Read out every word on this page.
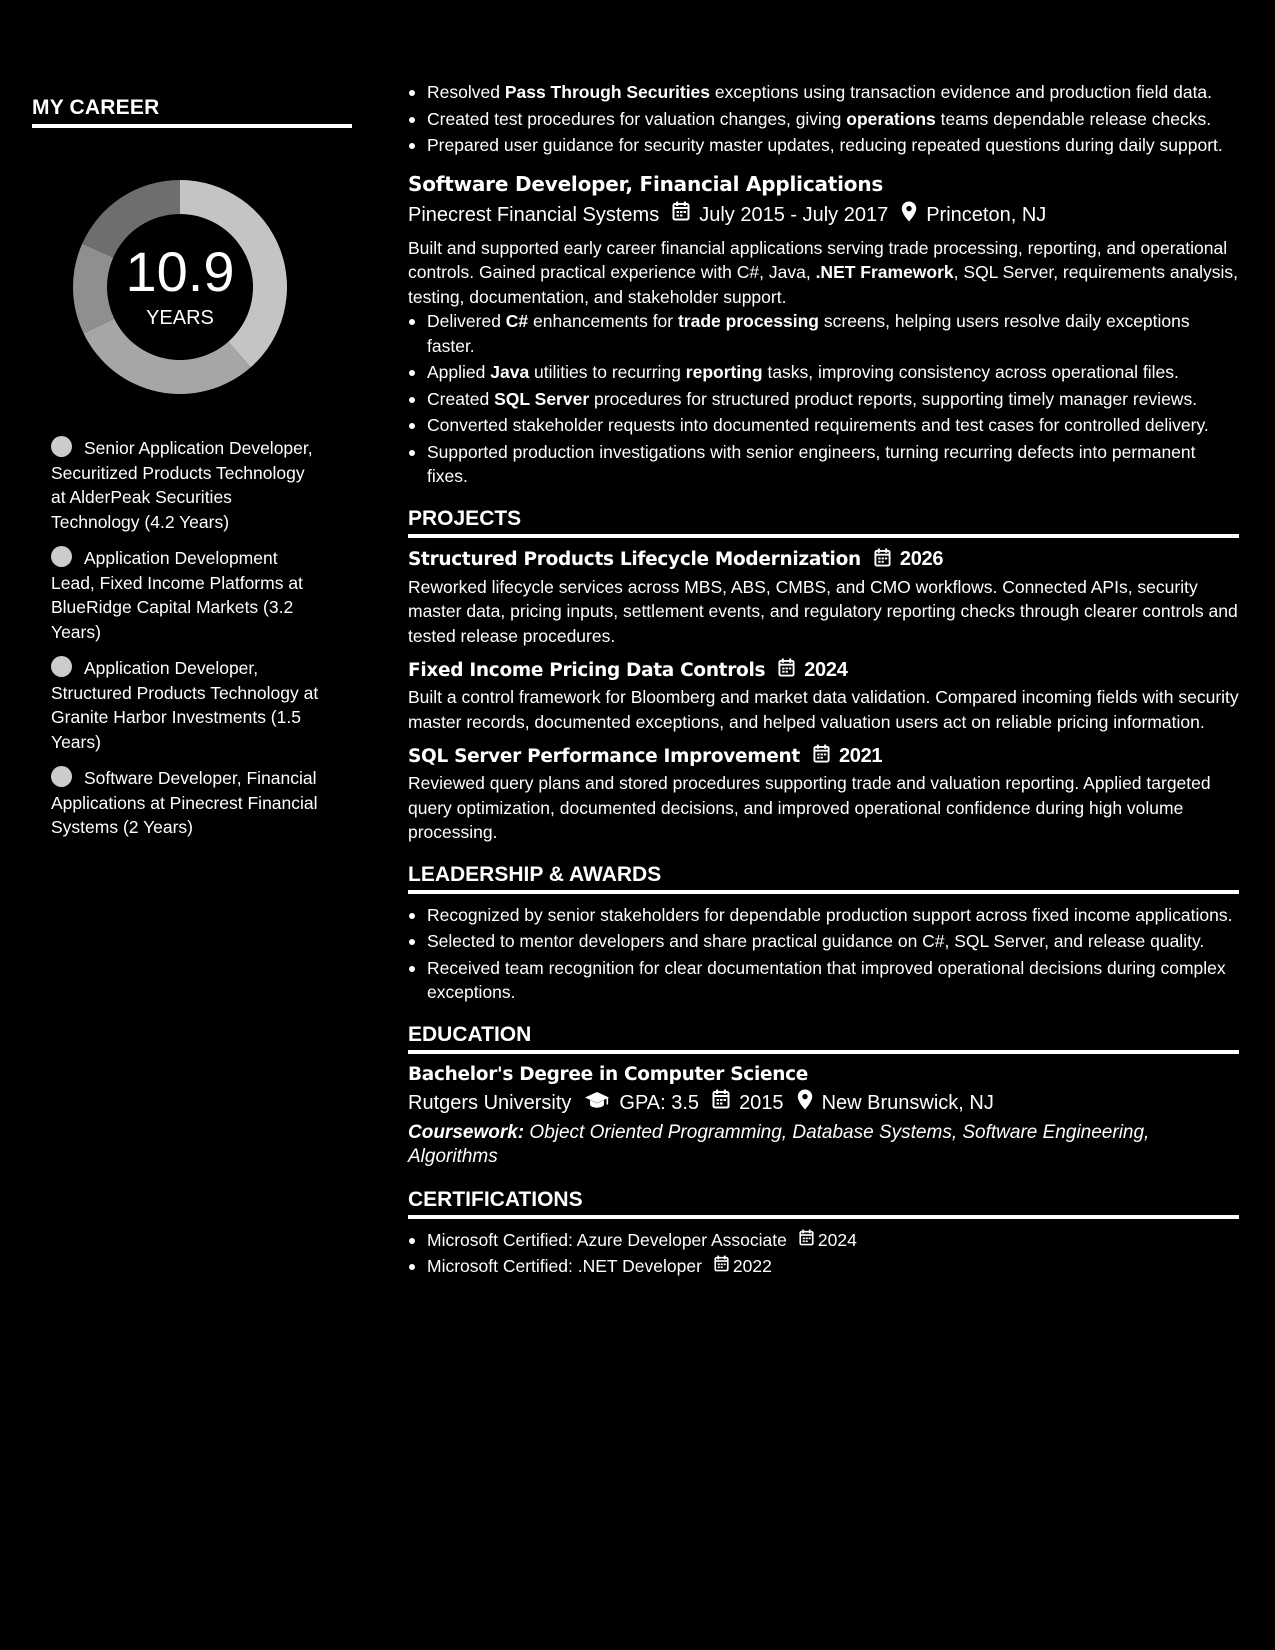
MY CAREER
10.9
YEARS
Senior Application Developer, Securitized Products Technology at AlderPeak Securities Technology (4.2 Years)
Application Development Lead, Fixed Income Platforms at BlueRidge Capital Markets (3.2 Years)
Application Developer, Structured Products Technology at Granite Harbor Investments (1.5 Years)
Software Developer, Financial Applications at Pinecrest Financial Systems (2 Years)
Resolved Pass Through Securities exceptions using transaction evidence and production field data.
Created test procedures for valuation changes, giving operations teams dependable release checks.
Prepared user guidance for security master updates, reducing repeated questions during daily support.
Software Developer, Financial Applications
Pinecrest Financial Systems July 2015 - July 2017 Princeton, NJ
Built and supported early career financial applications serving trade processing, reporting, and operational controls. Gained practical experience with C#, Java, .NET Framework, SQL Server, requirements analysis, testing, documentation, and stakeholder support.
Delivered C# enhancements for trade processing screens, helping users resolve daily exceptions faster.
Applied Java utilities to recurring reporting tasks, improving consistency across operational files.
Created SQL Server procedures for structured product reports, supporting timely manager reviews.
Converted stakeholder requests into documented requirements and test cases for controlled delivery.
Supported production investigations with senior engineers, turning recurring defects into permanent fixes.
PROJECTS
Structured Products Lifecycle Modernization 2026
Reworked lifecycle services across MBS, ABS, CMBS, and CMO workflows. Connected APIs, security master data, pricing inputs, settlement events, and regulatory reporting checks through clearer controls and tested release procedures.
Fixed Income Pricing Data Controls 2024
Built a control framework for Bloomberg and market data validation. Compared incoming fields with security master records, documented exceptions, and helped valuation users act on reliable pricing information.
SQL Server Performance Improvement 2021
Reviewed query plans and stored procedures supporting trade and valuation reporting. Applied targeted query optimization, documented decisions, and improved operational confidence during high volume processing.
LEADERSHIP & AWARDS
Recognized by senior stakeholders for dependable production support across fixed income applications.
Selected to mentor developers and share practical guidance on C#, SQL Server, and release quality.
Received team recognition for clear documentation that improved operational decisions during complex exceptions.
EDUCATION
Bachelor's Degree in Computer Science
Rutgers University GPA: 3.5 2015 New Brunswick, NJ
Coursework: Object Oriented Programming, Database Systems, Software Engineering, Algorithms
CERTIFICATIONS
Microsoft Certified: Azure Developer Associate 2024
Microsoft Certified: .NET Developer 2022
